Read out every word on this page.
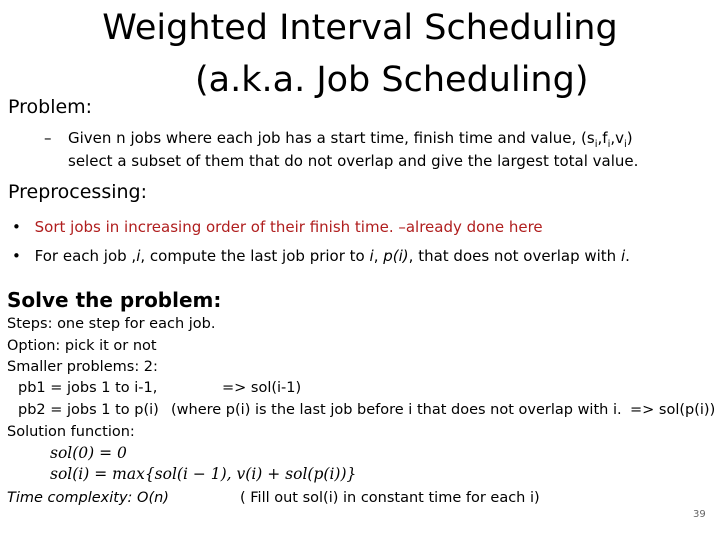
Weighted Interval Scheduling
(a.k.a. Job Scheduling)
Problem:
– Given n jobs where each job has a start time, finish time and value, $(s_i,f_i,v_i)$
select a subset of them that do not overlap and give the largest total value.
Preprocessing:
• Sort jobs in increasing order of their finish time. –already done here
• For each job ,i, compute the last job prior to i, p(i), that does not overlap with i.
Solve the problem:
Steps: one step for each job.
Option: pick it or not
Smaller problems: 2:
pb1 = jobs 1 to i-1,	=> sol(i-1)
pb2 = jobs 1 to p(i) (where p(i) is the last job before i that does not overlap with i. => sol(p(i))
Solution function:
sol(0) = 0
sol(i) = max{sol(i − 1), v(i) + sol(p(i))}
Time complexity: O(n)	( Fill out sol(i) in constant time for each i)
39
